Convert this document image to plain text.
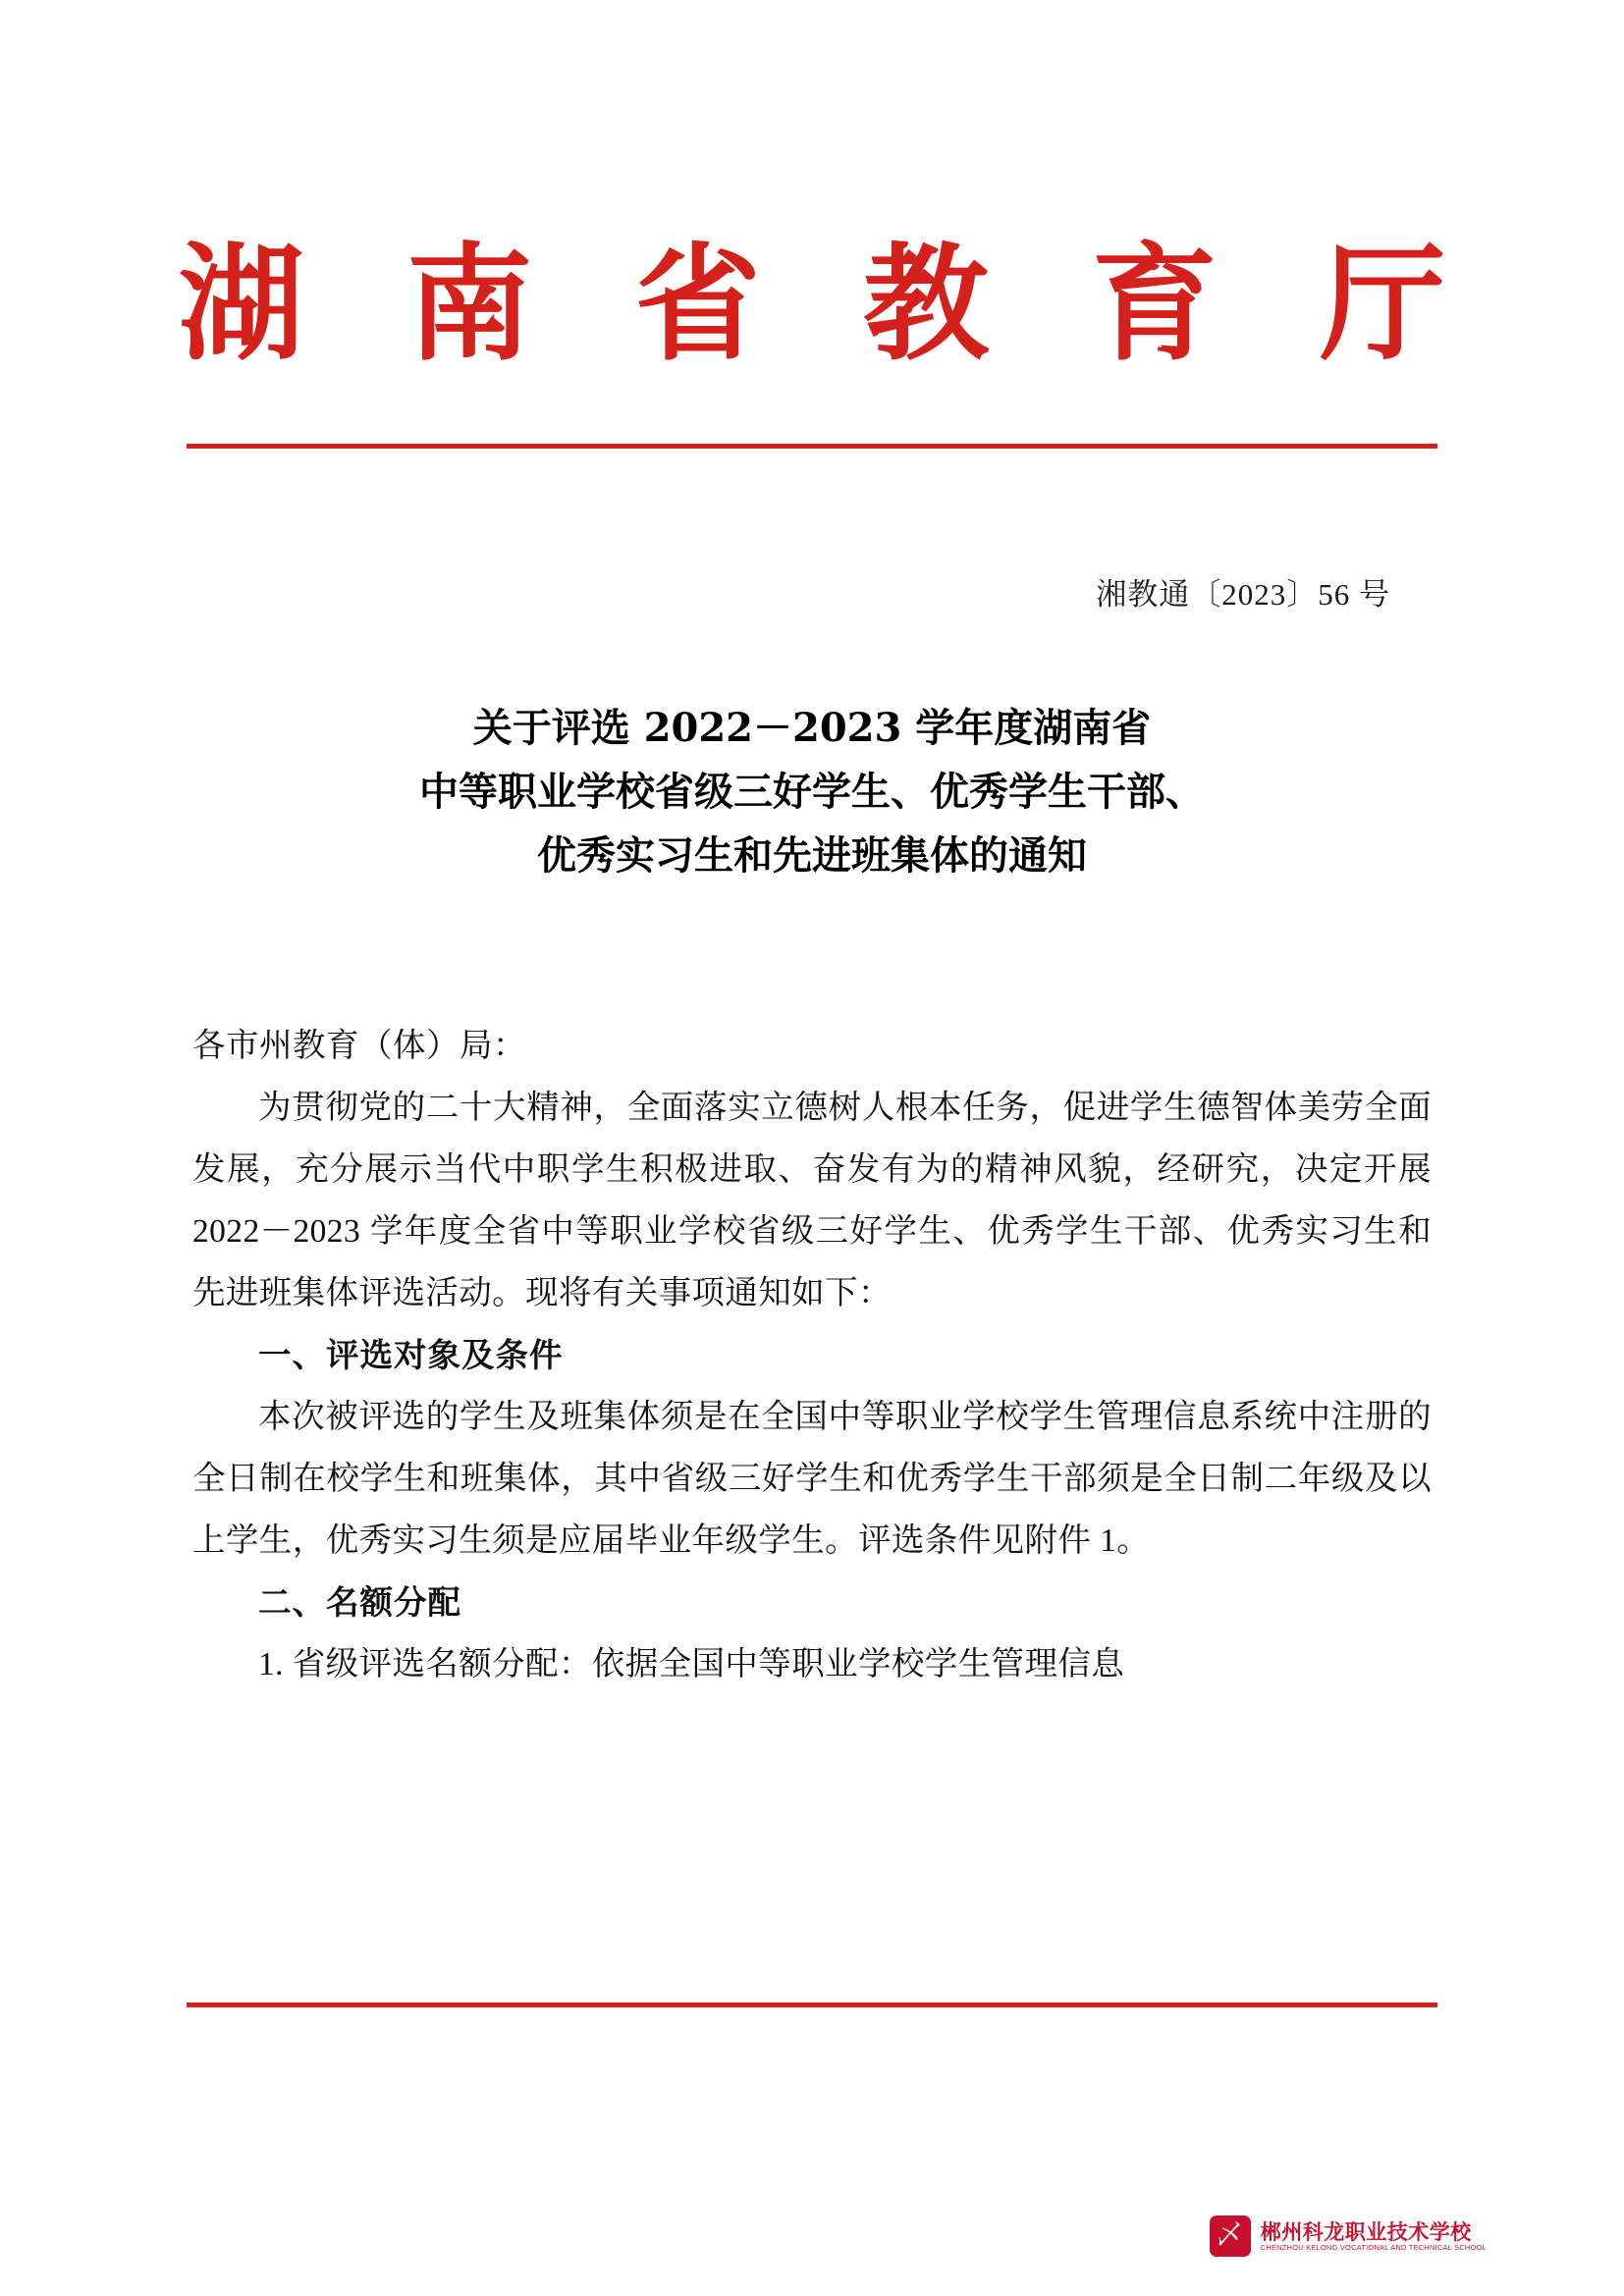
湖 南 省 教 育 厅
湘教通〔2023〕56 号
关于评选 2022－2023 学年度湖南省
中等职业学校省级三好学生、优秀学生干部、
优秀实习生和先进班集体的通知

各市州教育（体）局：

为贯彻党的二十大精神，全面落实立德树人根本任务，促进学生德智体美劳全面发展，充分展示当代中职学生积极进取、奋发有为的精神风貌，经研究，决定开展 2022－2023 学年度全省中等职业学校省级三好学生、优秀学生干部、优秀实习生和先进班集体评选活动。现将有关事项通知如下：

一、评选对象及条件

本次被评选的学生及班集体须是在全国中等职业学校学生管理信息系统中注册的全日制在校学生和班集体，其中省级三好学生和优秀学生干部须是全日制二年级及以上学生，优秀实习生须是应届毕业年级学生。评选条件见附件 1。

二、名额分配

1. 省级评选名额分配：依据全国中等职业学校学生管理信息

乄 郴州科龙职业技术学校
CHENZHOU KELONG VOCATIONAL AND TECHNICAL SCHOOL
